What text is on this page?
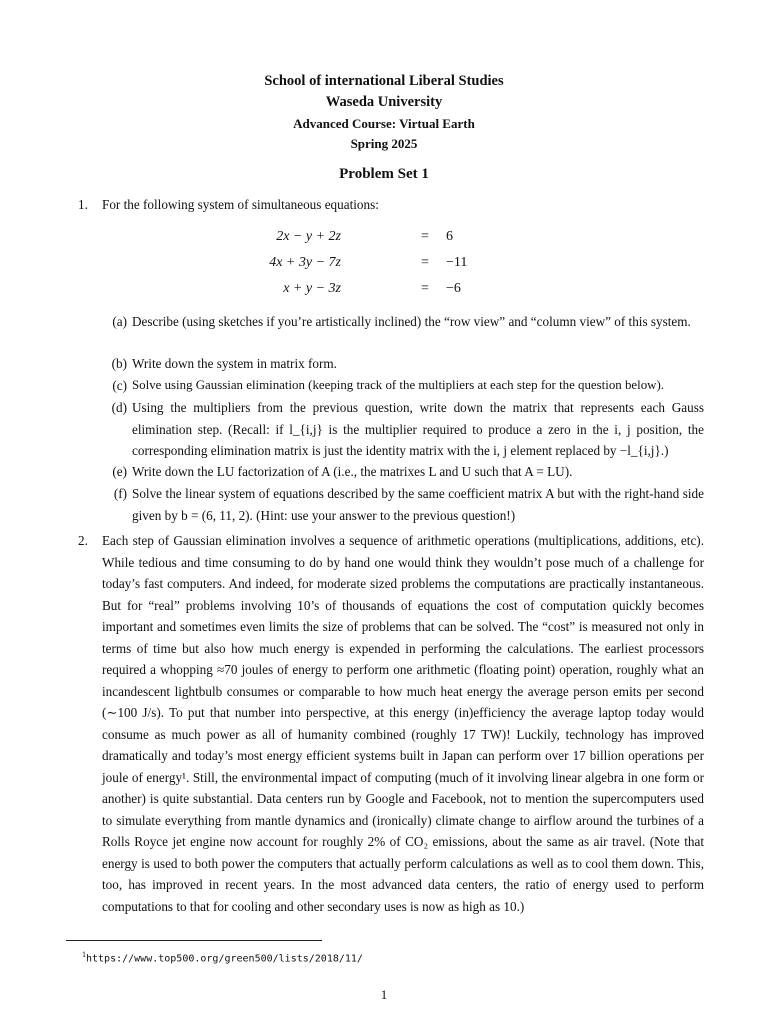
School of international Liberal Studies
Waseda University
Advanced Course: Virtual Earth
Spring 2025
Problem Set 1
1. For the following system of simultaneous equations:
2x − y + 2z	= 6
4x + 3y − 7z	= −11
x + y − 3z	= −6
(a) Describe (using sketches if you’re artistically inclined) the “row view” and “column view” of this system.
(b) Write down the system in matrix form.
(c) Solve using Gaussian elimination (keeping track of the multipliers at each step for the question below).
(d) Using the multipliers from the previous question, write down the matrix that represents each Gauss elimination step. (Recall: if l_{i,j} is the multiplier required to produce a zero in the i, j position, the corresponding elimination matrix is just the identity matrix with the i, j element replaced by −l_{i,j}.)
(e) Write down the LU factorization of A (i.e., the matrixes L and U such that A = LU).
(f) Solve the linear system of equations described by the same coefficient matrix A but with the right-hand side given by b = (6, 11, 2). (Hint: use your answer to the previous question!)
2. Each step of Gaussian elimination involves a sequence of arithmetic operations (multiplications, additions, etc). While tedious and time consuming to do by hand one would think they wouldn’t pose much of a challenge for today’s fast computers. And indeed, for moderate sized problems the computations are practically instantaneous. But for “real” problems involving 10’s of thousands of equations the cost of computation quickly becomes important and sometimes even limits the size of problems that can be solved. The “cost” is measured not only in terms of time but also how much energy is expended in performing the calculations. The earliest processors required a whopping ≈70 joules of energy to perform one arithmetic (floating point) operation, roughly what an incandescent lightbulb consumes or comparable to how much heat energy the average person emits per second (∼100 J/s). To put that number into perspective, at this energy (in)efficiency the average laptop today would consume as much power as all of humanity combined (roughly 17 TW)! Luckily, technology has improved dramatically and today’s most energy efficient systems built in Japan can perform over 17 billion operations per joule of energy¹. Still, the environmental impact of computing (much of it involving linear algebra in one form or another) is quite substantial. Data centers run by Google and Facebook, not to mention the supercomputers used to simulate everything from mantle dynamics and (ironically) climate change to airflow around the turbines of a Rolls Royce jet engine now account for roughly 2% of CO₂ emissions, about the same as air travel. (Note that energy is used to both power the computers that actually perform calculations as well as to cool them down. This, too, has improved in recent years. In the most advanced data centers, the ratio of energy used to perform computations to that for cooling and other secondary uses is now as high as 10.)
$^1$https://www.top500.org/green500/lists/2018/11/
1
